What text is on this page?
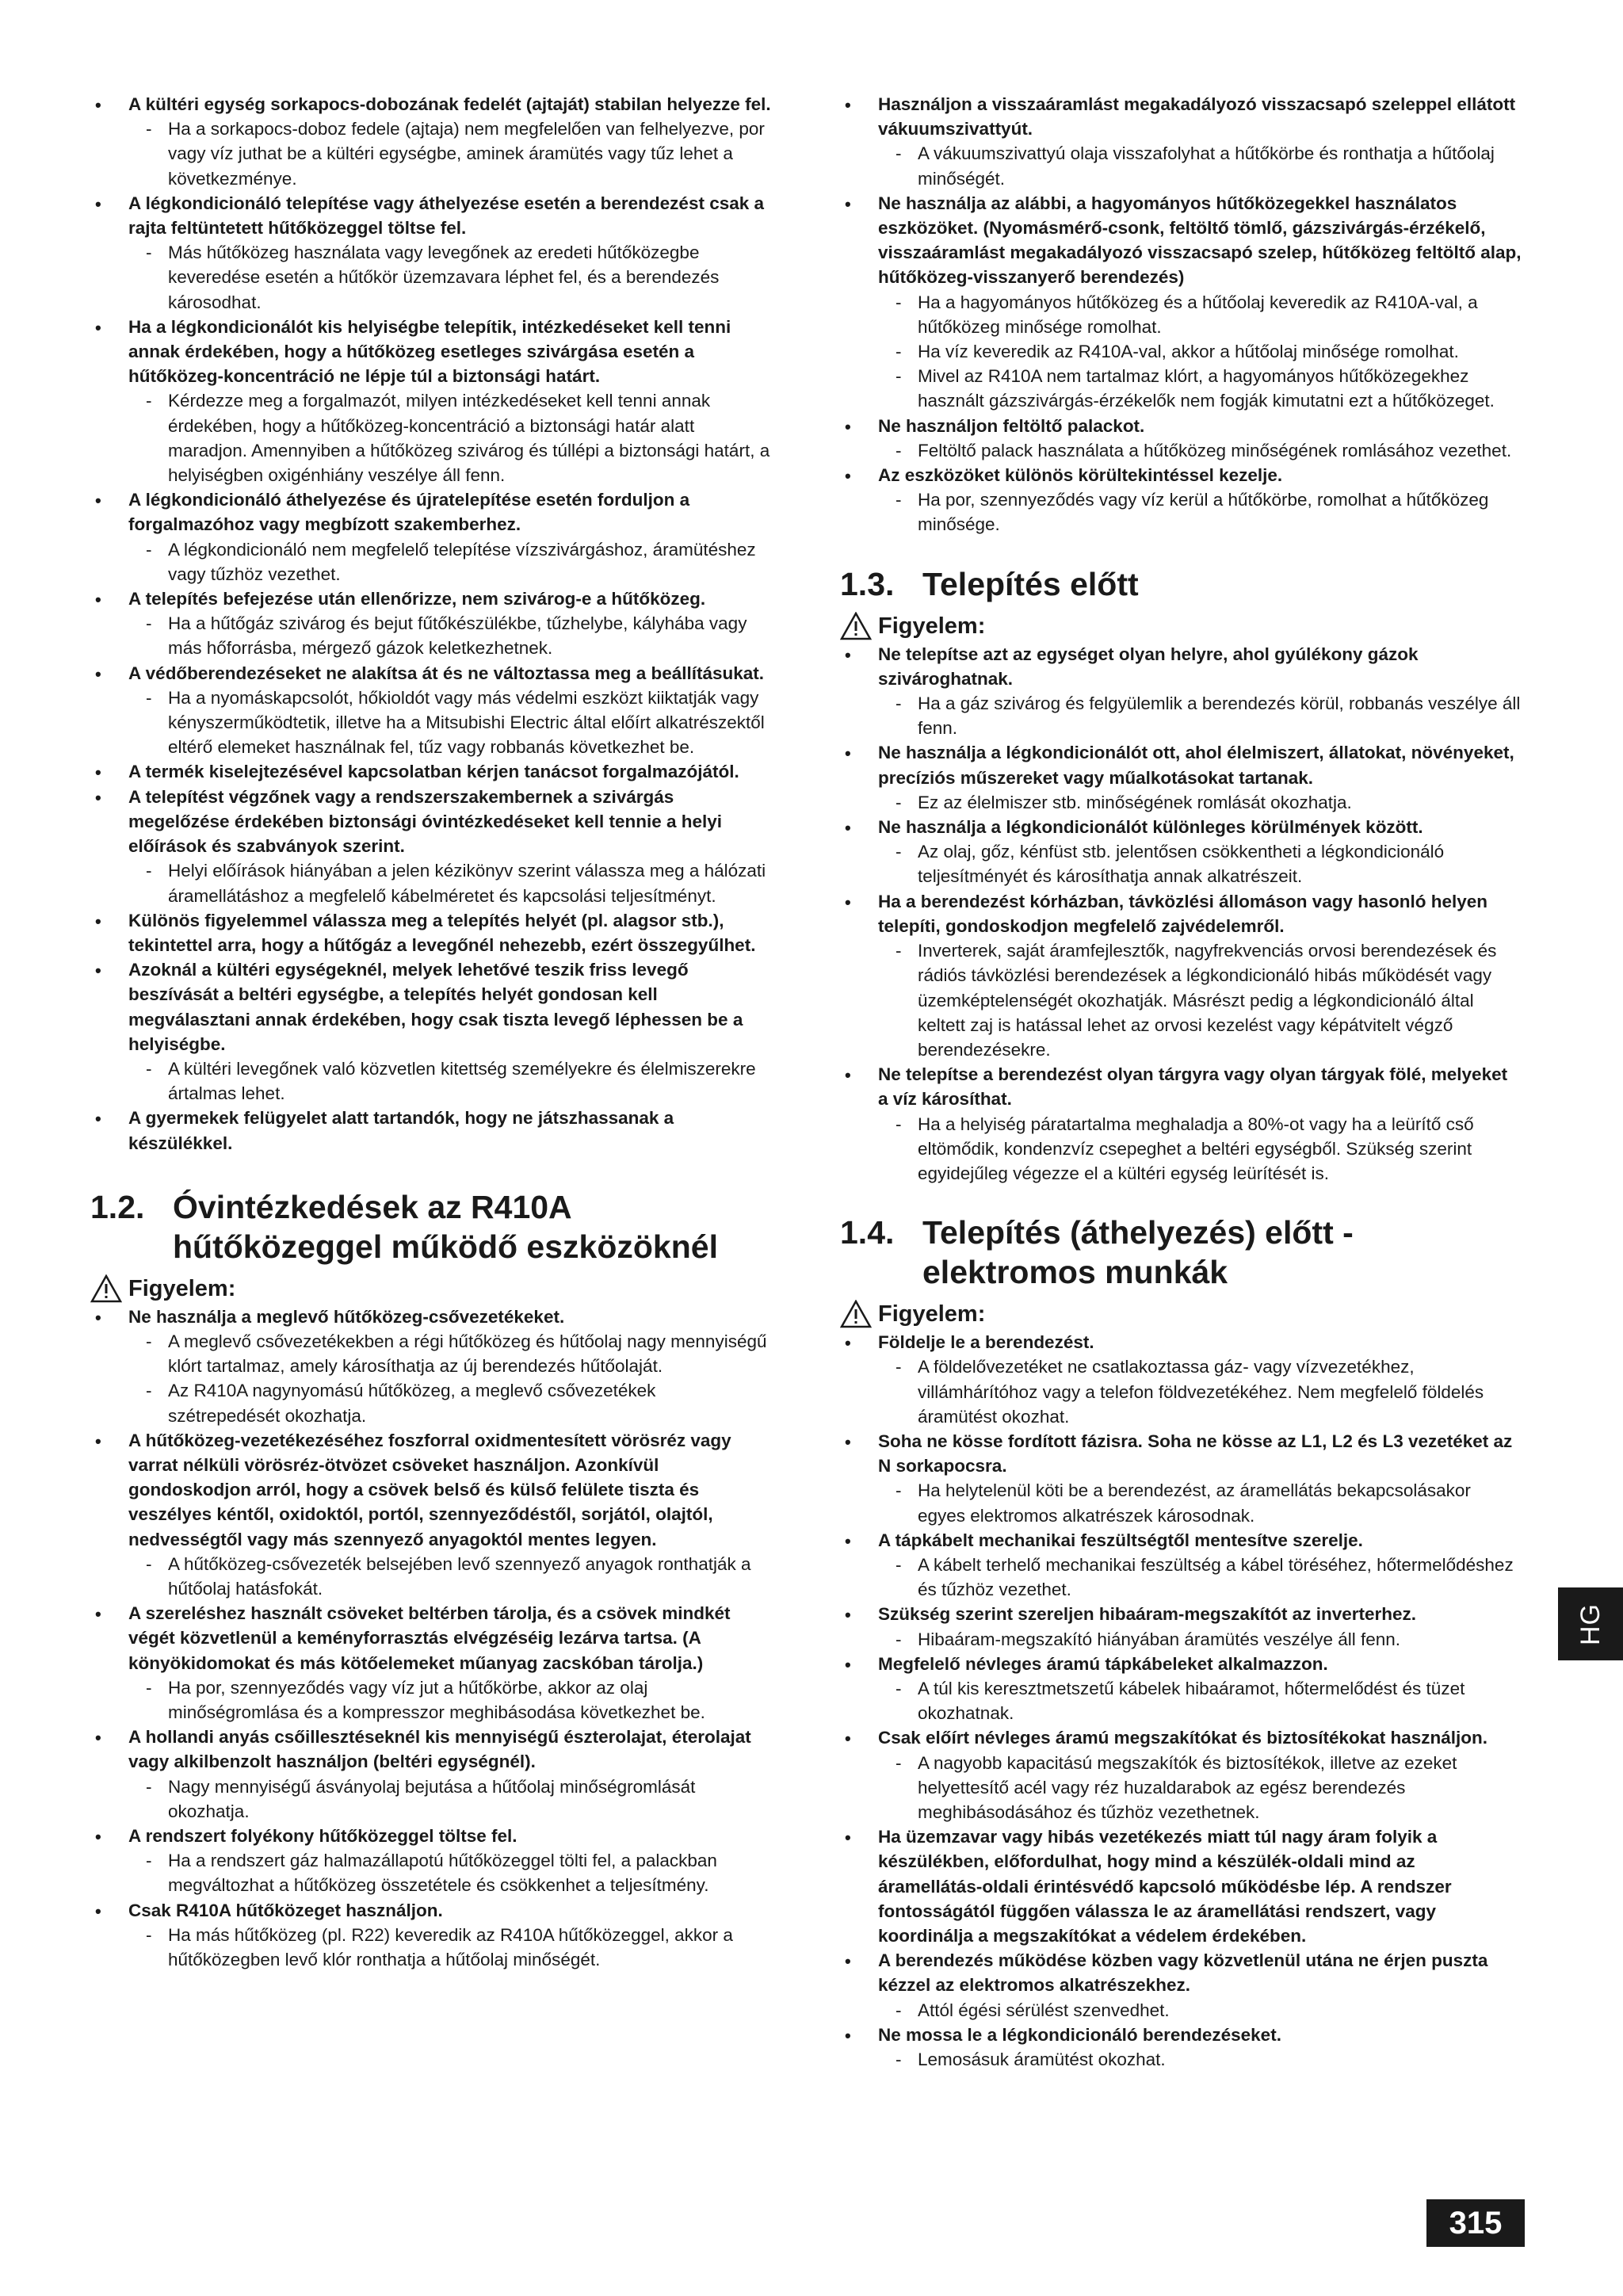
• A kültéri egység sorkapocs-dobozának fedelét (ajtaját) stabilan helyezze fel.

- Ha a sorkapocs-doboz fedele (ajtaja) nem megfelelően van felhelyezve, por vagy víz juthat be a kültéri egységbe, aminek áramütés vagy tűz lehet a következménye.

• A légkondicionáló telepítése vagy áthelyezése esetén a berendezést csak a rajta feltüntetett hűtőközeggel töltse fel.

- Más hűtőközeg használata vagy levegőnek az eredeti hűtőközegbe keveredése esetén a hűtőkör üzemzavara léphet fel, és a berendezés károsodhat.

• Ha a légkondicionálót kis helyiségbe telepítik, intézkedéseket kell tenni annak érdekében, hogy a hűtőközeg esetleges szivárgása esetén a hűtőközeg-koncentráció ne lépje túl a biztonsági határt.

- Kérdezze meg a forgalmazót, milyen intézkedéseket kell tenni annak érdekében, hogy a hűtőközeg-koncentráció a biztonsági határ alatt maradjon. Amennyiben a hűtőközeg szivárog és túllépi a biztonsági határt, a helyiségben oxigénhiány veszélye áll fenn.

• A légkondicionáló áthelyezése és újratelepítése esetén forduljon a forgalmazóhoz vagy megbízott szakemberhez.

- A légkondicionáló nem megfelelő telepítése vízszivárgáshoz, áramütéshez vagy tűzhöz vezethet.

• A telepítés befejezése után ellenőrizze, nem szivárog-e a hűtőközeg.

- Ha a hűtőgáz szivárog és bejut fűtőkészülékbe, tűzhelybe, kályhába vagy más hőforrásba, mérgező gázok keletkezhetnek.

• A védőberendezéseket ne alakítsa át és ne változtassa meg a beállításukat.

- Ha a nyomáskapcsolót, hőkioldót vagy más védelmi eszközt kiiktatják vagy kényszerműködtetik, illetve ha a Mitsubishi Electric által előírt alkatrészektől eltérő elemeket használnak fel, tűz vagy robbanás következhet be.

• A termék kiselejtezésével kapcsolatban kérjen tanácsot forgalmazójától.

• A telepítést végzőnek vagy a rendszerszakembernek a szivárgás megelőzése érdekében biztonsági óvintézkedéseket kell tennie a helyi előírások és szabványok szerint.

- Helyi előírások hiányában a jelen kézikönyv szerint válassza meg a hálózati áramellátáshoz a megfelelő kábelméretet és kapcsolási teljesítményt.

• Különös figyelemmel válassza meg a telepítés helyét (pl. alagsor stb.), tekintettel arra, hogy a hűtőgáz a levegőnél nehezebb, ezért összegyűlhet.

• Azoknál a kültéri egységeknél, melyek lehetővé teszik friss levegő beszívását a beltéri egységbe, a telepítés helyét gondosan kell megválasztani annak érdekében, hogy csak tiszta levegő léphessen be a helyiségbe.

- A kültéri levegőnek való közvetlen kitettség személyekre és élelmiszerekre ártalmas lehet.

• A gyermekek felügyelet alatt tartandók, hogy ne játszhassanak a készülékkel.

1.2. Óvintézkedések az R410A hűtőközeggel működő eszközöknél
Figyelem:
• Ne használja a meglevő hűtőközeg-csővezetékeket.

- A meglevő csővezetékekben a régi hűtőközeg és hűtőolaj nagy mennyiségű klórt tartalmaz, amely károsíthatja az új berendezés hűtőolaját.

- Az R410A nagynyomású hűtőközeg, a meglevő csővezetékek szétrepedését okozhatja.

• A hűtőközeg-vezetékezéséhez foszforral oxidmentesített vörösréz vagy varrat nélküli vörösréz-ötvözet csöveket használjon. Azonkívül gondoskodjon arról, hogy a csövek belső és külső felülete tiszta és veszélyes kéntől, oxidoktól, portól, szennyeződéstől, sorjától, olajtól, nedvességtől vagy más szennyező anyagoktól mentes legyen.

- A hűtőközeg-csővezeték belsejében levő szennyező anyagok ronthatják a hűtőolaj hatásfokát.

• A szereléshez használt csöveket beltérben tárolja, és a csövek mindkét végét közvetlenül a keményforrasztás elvégzéséig lezárva tartsa. (A könyökidomokat és más kötőelemeket műanyag zacskóban tárolja.)

- Ha por, szennyeződés vagy víz jut a hűtőkörbe, akkor az olaj minőségromlása és a kompresszor meghibásodása következhet be.

• A hollandi anyás csőillesztéseknél kis mennyiségű észterolajat, éterolajat vagy alkilbenzolt használjon (beltéri egységnél).

- Nagy mennyiségű ásványolaj bejutása a hűtőolaj minőségromlását okozhatja.

• A rendszert folyékony hűtőközeggel töltse fel.

- Ha a rendszert gáz halmazállapotú hűtőközeggel tölti fel, a palackban megváltozhat a hűtőközeg összetétele és csökkenhet a teljesítmény.

• Csak R410A hűtőközeget használjon.

- Ha más hűtőközeg (pl. R22) keveredik az R410A hűtőközeggel, akkor a hűtőközegben levő klór ronthatja a hűtőolaj minőségét.

• Használjon a visszaáramlást megakadályozó visszacsapó szeleppel ellátott vákuumszivattyút.

- A vákuumszivattyú olaja visszafolyhat a hűtőkörbe és ronthatja a hűtőolaj minőségét.

• Ne használja az alábbi, a hagyományos hűtőközegekkel használatos eszközöket. (Nyomásmérő-csonk, feltöltő tömlő, gázszivárgás-érzékelő, visszaáramlást megakadályozó visszacsapó szelep, hűtőközeg feltöltő alap, hűtőközeg-visszanyerő berendezés)

- Ha a hagyományos hűtőközeg és a hűtőolaj keveredik az R410A-val, a hűtőközeg minősége romolhat.

- Ha víz keveredik az R410A-val, akkor a hűtőolaj minősége romolhat.

- Mivel az R410A nem tartalmaz klórt, a hagyományos hűtőközegekhez használt gázszivárgás-érzékelők nem fogják kimutatni ezt a hűtőközeget.

• Ne használjon feltöltő palackot.

- Feltöltő palack használata a hűtőközeg minőségének romlásához vezethet.

• Az eszközöket különös körültekintéssel kezelje.

- Ha por, szennyeződés vagy víz kerül a hűtőkörbe, romolhat a hűtőközeg minősége.

1.3. Telepítés előtt
Figyelem:
• Ne telepítse azt az egységet olyan helyre, ahol gyúlékony gázok szivároghatnak.

- Ha a gáz szivárog és felgyülemlik a berendezés körül, robbanás veszélye áll fenn.

• Ne használja a légkondicionálót ott, ahol élelmiszert, állatokat, növényeket, precíziós műszereket vagy műalkotásokat tartanak.

- Ez az élelmiszer stb. minőségének romlását okozhatja.

• Ne használja a légkondicionálót különleges körülmények között.

- Az olaj, gőz, kénfüst stb. jelentősen csökkentheti a légkondicionáló teljesítményét és károsíthatja annak alkatrészeit.

• Ha a berendezést kórházban, távközlési állomáson vagy hasonló helyen telepíti, gondoskodjon megfelelő zajvédelemről.

- Inverterek, saját áramfejlesztők, nagyfrekvenciás orvosi berendezések és rádiós távközlési berendezések a légkondicionáló hibás működését vagy üzemképtelenségét okozhatják. Másrészt pedig a légkondicionáló által keltett zaj is hatással lehet az orvosi kezelést vagy képátvitelt végző berendezésekre.

• Ne telepítse a berendezést olyan tárgyra vagy olyan tárgyak fölé, melyeket a víz károsíthat.

- Ha a helyiség páratartalma meghaladja a 80%-ot vagy ha a leürítő cső eltömődik, kondenzvíz csepeghet a beltéri egységből. Szükség szerint egyidejűleg végezze el a kültéri egység leürítését is.

1.4. Telepítés (áthelyezés) előtt - elektromos munkák
Figyelem:
• Földelje le a berendezést.

- A földelővezetéket ne csatlakoztassa gáz- vagy vízvezetékhez, villámhárítóhoz vagy a telefon földvezetékéhez. Nem megfelelő földelés áramütést okozhat.

• Soha ne kösse fordított fázisra. Soha ne kösse az L1, L2 és L3 vezetéket az N sorkapocsra.

- Ha helytelenül köti be a berendezést, az áramellátás bekapcsolásakor egyes elektromos alkatrészek károsodnak.

• A tápkábelt mechanikai feszültségtől mentesítve szerelje.

- A kábelt terhelő mechanikai feszültség a kábel töréséhez, hőtermelődéshez és tűzhöz vezethet.

• Szükség szerint szereljen hibaáram-megszakítót az inverterhez.

- Hibaáram-megszakító hiányában áramütés veszélye áll fenn.

• Megfelelő névleges áramú tápkábeleket alkalmazzon.

- A túl kis keresztmetszetű kábelek hibaáramot, hőtermelődést és tüzet okozhatnak.

• Csak előírt névleges áramú megszakítókat és biztosítékokat használjon.

- A nagyobb kapacitású megszakítók és biztosítékok, illetve az ezeket helyettesítő acél vagy réz huzaldarabok az egész berendezés meghibásodásához és tűzhöz vezethetnek.

• Ha üzemzavar vagy hibás vezetékezés miatt túl nagy áram folyik a készülékben, előfordulhat, hogy mind a készülék-oldali mind az áramellátás-oldali érintésvédő kapcsoló működésbe lép. A rendszer fontosságától függően válassza le az áramellátási rendszert, vagy koordinálja a megszakítókat a védelem érdekében.

• A berendezés működése közben vagy közvetlenül utána ne érjen puszta kézzel az elektromos alkatrészekhez.

- Attól égési sérülést szenvedhet.

• Ne mossa le a légkondicionáló berendezéseket.

- Lemosásuk áramütést okozhat.

HG
315
